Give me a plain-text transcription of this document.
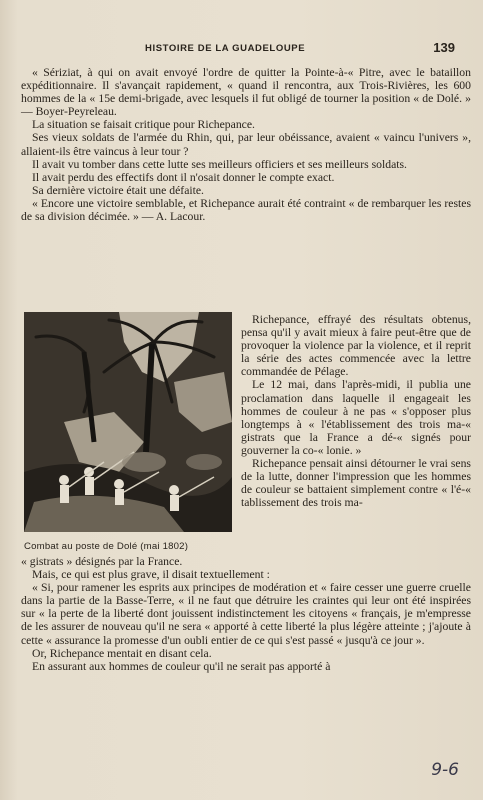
HISTOIRE DE LA GUADELOUPE	139

« Sériziat, à qui on avait envoyé l'ordre de quitter la Pointe-à-« Pitre, avec le bataillon expéditionnaire. Il s'avançait rapidement, « quand il rencontra, aux Trois-Rivières, les 600 hommes de la « 15e demi-brigade, avec lesquels il fut obligé de tourner la position « de Dolé. » — Boyer-Peyreleau.

La situation se faisait critique pour Richepance.

Ses vieux soldats de l'armée du Rhin, qui, par leur obéissance, avaient « vaincu l'univers », allaient-ils être vaincus à leur tour ?

Il avait vu tomber dans cette lutte ses meilleurs officiers et ses meilleurs soldats.

Il avait perdu des effectifs dont il n'osait donner le compte exact.

Sa dernière victoire était une défaite.

« Encore une victoire semblable, et Richepance aurait été contraint « de rembarquer les restes de sa division décimée. » — A. Lacour.

Combat au poste de Dolé (mai 1802)

Richepance, effrayé des résultats obtenus, pensa qu'il y avait mieux à faire peut-être que de provoquer la violence par la violence, et il reprit la série des actes commencée avec la lettre commandée de Pélage.

Le 12 mai, dans l'après-midi, il publia une proclamation dans laquelle il engageait les hommes de couleur à ne pas « s'opposer plus longtemps à « l'établissement des trois ma-« gistrats que la France a dé-« signés pour gouverner la co-« lonie. »

Richepance pensait ainsi détourner le vrai sens de la lutte, donner l'impression que les hommes de couleur se battaient simplement contre « l'é-« tablissement des trois ma-

« gistrats » désignés par la France.

Mais, ce qui est plus grave, il disait textuellement :

« Si, pour ramener les esprits aux principes de modération et « faire cesser une guerre cruelle dans la partie de la Basse-Terre, « il ne faut que détruire les craintes qui leur ont été inspirées sur « la perte de la liberté dont jouissent indistinctement les citoyens « français, je m'empresse de les assurer de nouveau qu'il ne sera « apporté à cette liberté la plus légère atteinte ; j'ajoute à cette « assurance la promesse d'un oubli entier de ce qui s'est passé « jusqu'à ce jour ».

Or, Richepance mentait en disant cela.

En assurant aux hommes de couleur qu'il ne serait pas apporté à

9-6
